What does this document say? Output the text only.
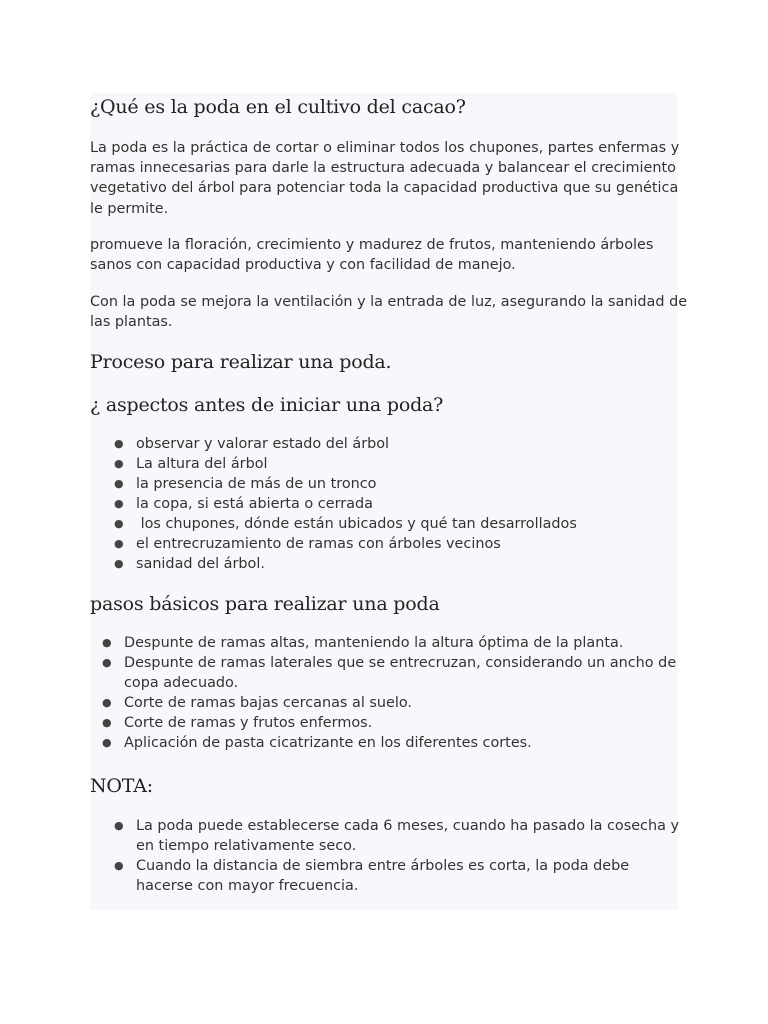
¿Qué es la poda en el cultivo del cacao?

La poda es la práctica de cortar o eliminar todos los chupones, partes enfermas y ramas innecesarias para darle la estructura adecuada y balancear el crecimiento vegetativo del árbol para potenciar toda la capacidad productiva que su genética le permite.

promueve la floración, crecimiento y madurez de frutos, manteniendo árboles sanos con capacidad productiva y con facilidad de manejo.

Con la poda se mejora la ventilación y la entrada de luz, asegurando la sanidad de las plantas.

Proceso para realizar una poda.
¿ aspectos antes de iniciar una poda?
● observar y valorar estado del árbol
● La altura del árbol
● la presencia de más de un tronco
● la copa, si está abierta o cerrada
● los chupones, dónde están ubicados y qué tan desarrollados
● el entrecruzamiento de ramas con árboles vecinos
● sanidad del árbol.
pasos básicos para realizar una poda
● Despunte de ramas altas, manteniendo la altura óptima de la planta.
● Despunte de ramas laterales que se entrecruzan, considerando un ancho de copa adecuado.
● Corte de ramas bajas cercanas al suelo.
● Corte de ramas y frutos enfermos.
● Aplicación de pasta cicatrizante en los diferentes cortes.
NOTA:
● La poda puede establecerse cada 6 meses, cuando ha pasado la cosecha y en tiempo relativamente seco.
● Cuando la distancia de siembra entre árboles es corta, la poda debe hacerse con mayor frecuencia.
